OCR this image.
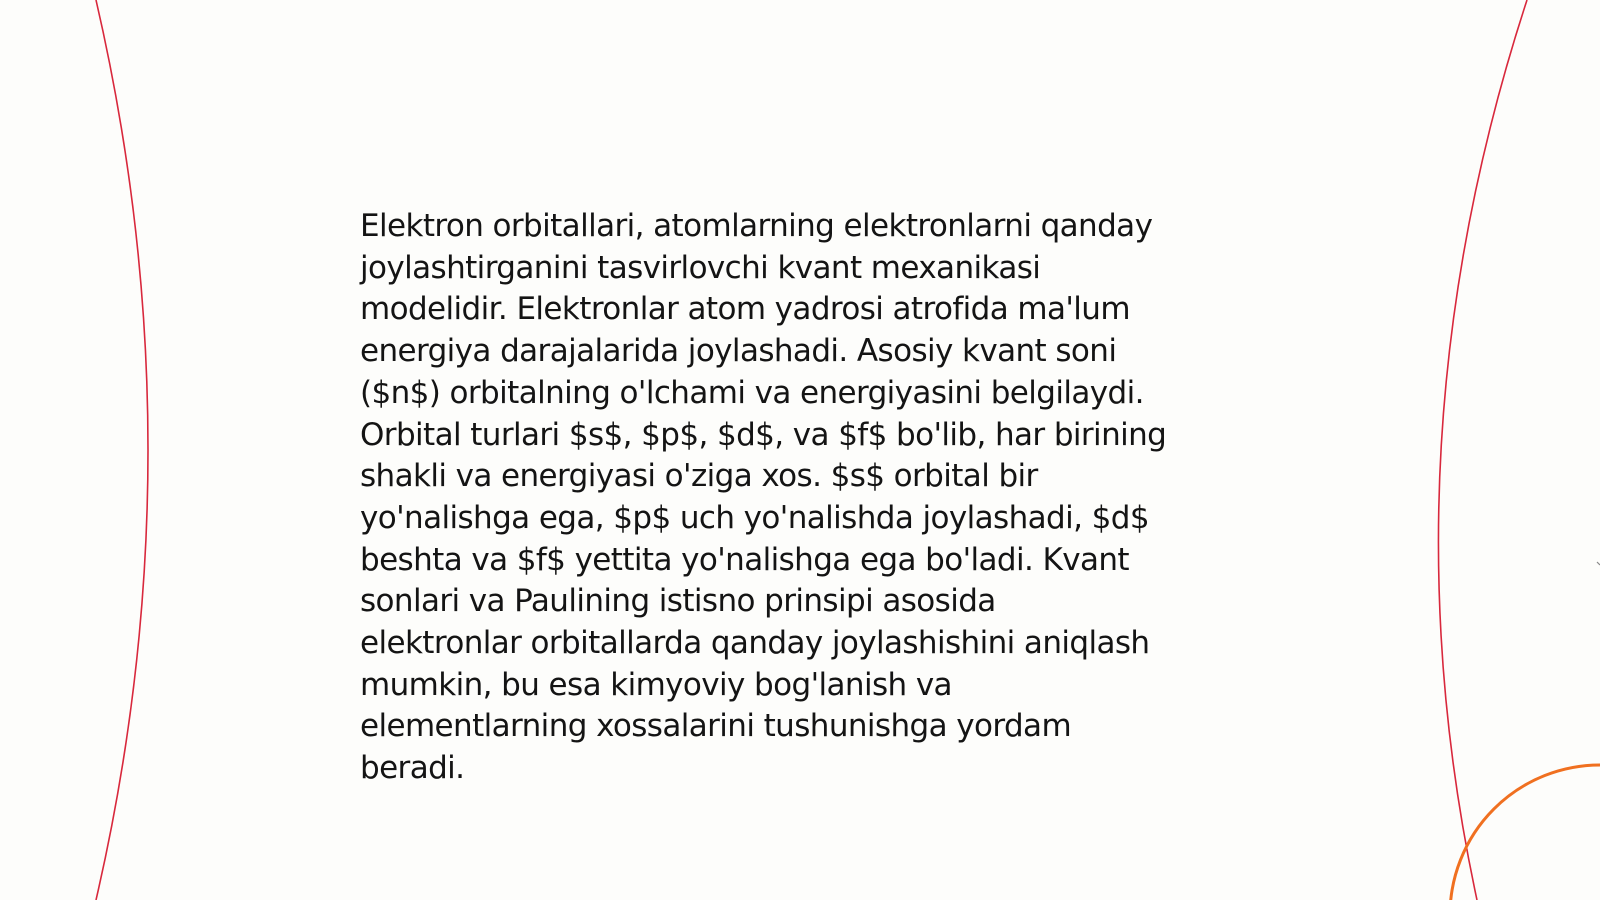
Elektron orbitallari, atomlarning elektronlarni qanday
joylashtirganini tasvirlovchi kvant mexanikasi
modelidir. Elektronlar atom yadrosi atrofida ma'lum
energiya darajalarida joylashadi. Asosiy kvant soni
($n$) orbitalning o'lchami va energiyasini belgilaydi.
Orbital turlari $s$, $p$, $d$, va $f$ bo'lib, har birining
shakli va energiyasi o'ziga xos. $s$ orbital bir
yo'nalishga ega, $p$ uch yo'nalishda joylashadi, $d$
beshta va $f$ yettita yo'nalishga ega bo'ladi. Kvant
sonlari va Paulining istisno prinsipi asosida
elektronlar orbitallarda qanday joylashishini aniqlash
mumkin, bu esa kimyoviy bog'lanish va
elementlarning xossalarini tushunishga yordam
beradi.
